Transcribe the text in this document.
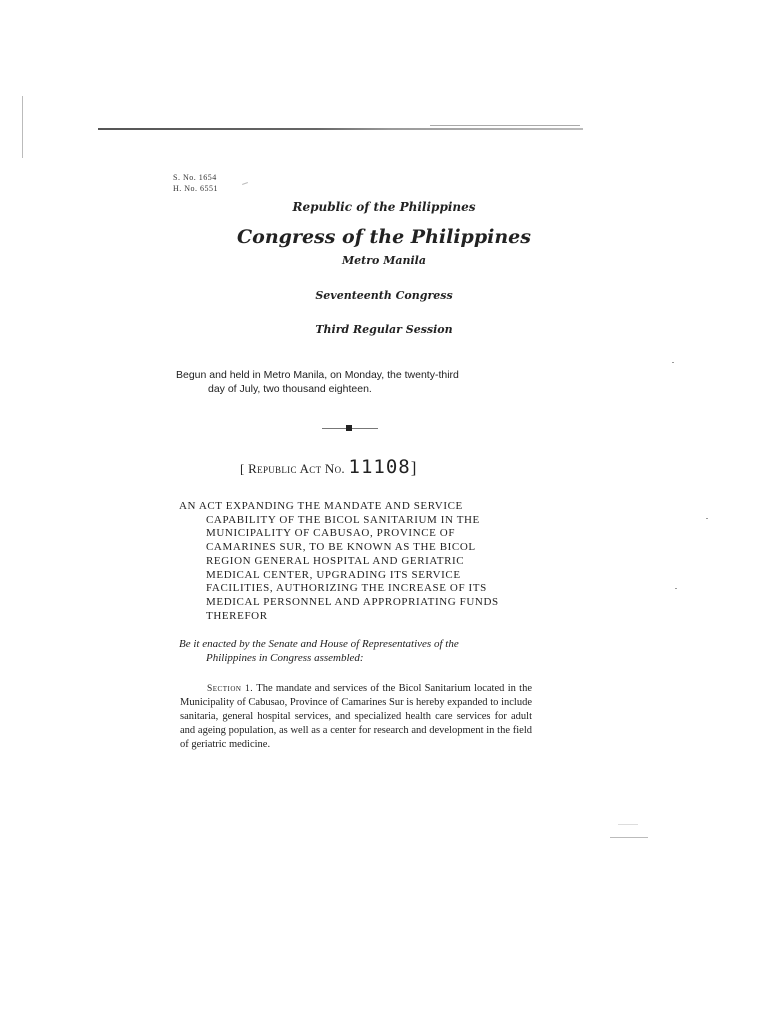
S. No. 1654
H. No. 6551
Republic of the Philippines
Congress of the Philippines
Metro Manila
Seventeenth Congress
Third Regular Session
Begun and held in Metro Manila, on Monday, the twenty-third
day of July, two thousand eighteen.
[ Republic Act No. 11108]
AN ACT EXPANDING THE MANDATE AND SERVICE
CAPABILITY OF THE BICOL SANITARIUM IN THE
MUNICIPALITY OF CABUSAO, PROVINCE OF
CAMARINES SUR, TO BE KNOWN AS THE BICOL
REGION GENERAL HOSPITAL AND GERIATRIC
MEDICAL CENTER, UPGRADING ITS SERVICE
FACILITIES, AUTHORIZING THE INCREASE OF ITS
MEDICAL PERSONNEL AND APPROPRIATING FUNDS
THEREFOR
Be it enacted by the Senate and House of Representatives of the
Philippines in Congress assembled:
Section 1. The mandate and services of the Bicol Sanitarium located in the Municipality of Cabusao, Province of Camarines Sur is hereby expanded to include sanitaria, general hospital services, and specialized health care services for adult and ageing population, as well as a center for research and development in the field of geriatric medicine.
